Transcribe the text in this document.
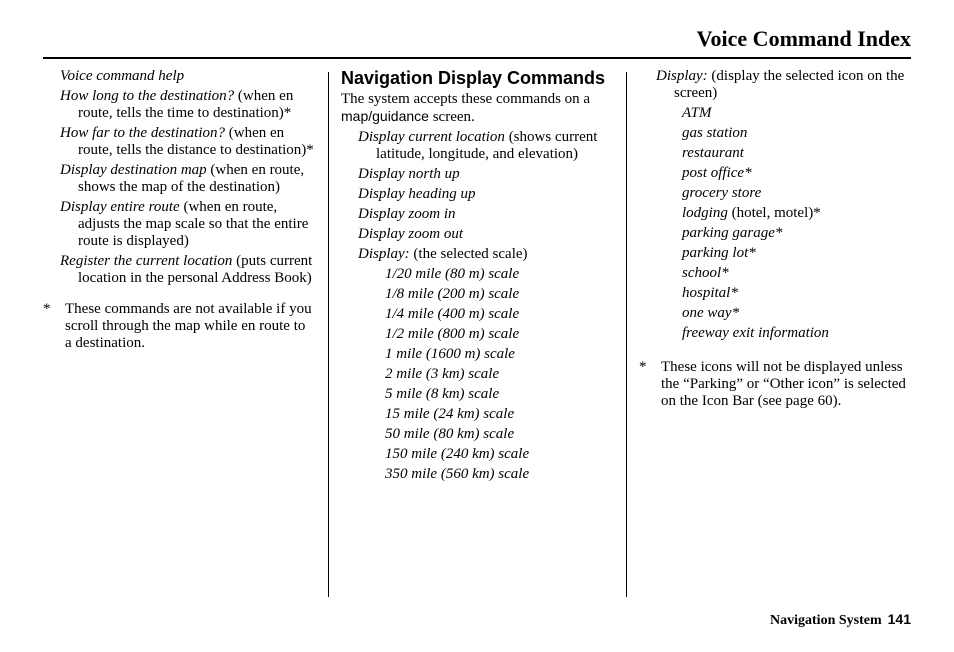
Voice Command Index
Voice command help
How long to the destination? (when en route, tells the time to destination)*
How far to the destination? (when en route, tells the distance to destination)*
Display destination map (when en route, shows the map of the destination)
Display entire route (when en route, adjusts the map scale so that the entire route is displayed)
Register the current location (puts current location in the personal Address Book)
* These commands are not available if you scroll through the map while en route to a destination.
Navigation Display Commands
The system accepts these commands on a map/guidance screen.
Display current location (shows current latitude, longitude, and elevation)
Display north up
Display heading up
Display zoom in
Display zoom out
Display: (the selected scale)
1/20 mile (80 m) scale
1/8 mile (200 m) scale
1/4 mile (400 m) scale
1/2 mile (800 m) scale
1 mile (1600 m) scale
2 mile (3 km) scale
5 mile (8 km) scale
15 mile (24 km) scale
50 mile (80 km) scale
150 mile (240 km) scale
350 mile (560 km) scale
Display: (display the selected icon on the screen)
ATM
gas station
restaurant
post office*
grocery store
lodging (hotel, motel)*
parking garage*
parking lot*
school*
hospital*
one way*
freeway exit information
* These icons will not be displayed unless the “Parking” or “Other icon” is selected on the Icon Bar (see page 60).
Navigation System 141
